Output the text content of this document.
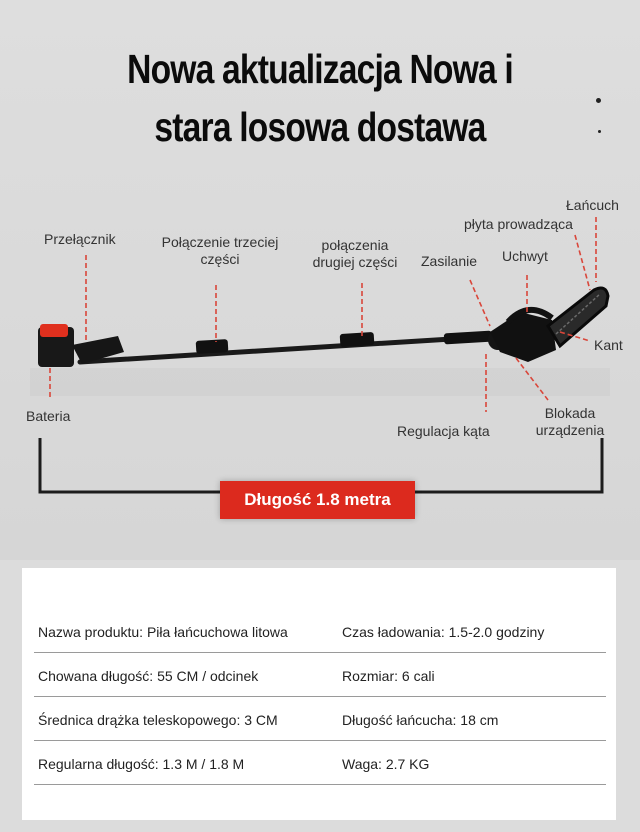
Nowa aktualizacja Nowa i
stara losowa dostawa
Łańcuch
płyta prowadząca
Przełącznik	Połączenie trzeciej
części
połączenia
drugiej części	Zasilanie Uchwyt
Kant
Bateria	Blokada
urządzenia
Regulacja kąta
Długość 1.8 metra
Nazwa produktu: Piła łańcuchowa litowa	Czas ładowania: 1.5-2.0 godziny
Chowana długość: 55 CM / odcinek	Rozmiar: 6 cali
Średnica drążka teleskopowego: 3 CM	Długość łańcucha: 18 cm
Regularna długość: 1.3 M / 1.8 M	Waga: 2.7 KG
